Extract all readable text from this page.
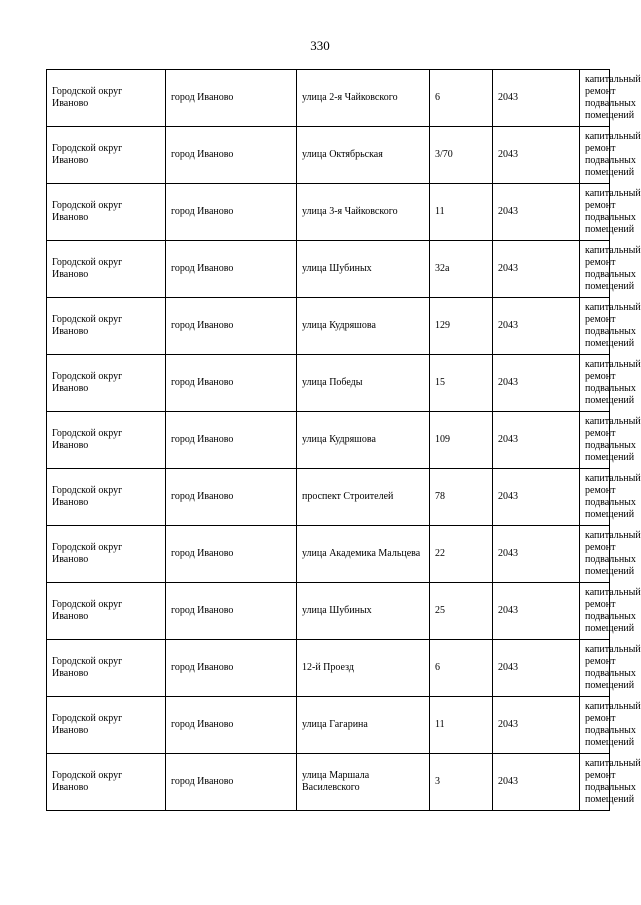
330
Городской округ Иваново	город Иваново	улица 2-я Чайковского	6	2043	капитальный ремонт подвальных помещений
Городской округ Иваново	город Иваново	улица Октябрьская	3/70	2043	капитальный ремонт подвальных помещений
Городской округ Иваново	город Иваново	улица 3-я Чайковского	11	2043	капитальный ремонт подвальных помещений
Городской округ Иваново	город Иваново	улица Шубиных	32а	2043	капитальный ремонт подвальных помещений
Городской округ Иваново	город Иваново	улица Кудряшова	129	2043	капитальный ремонт подвальных помещений
Городской округ Иваново	город Иваново	улица Победы	15	2043	капитальный ремонт подвальных помещений
Городской округ Иваново	город Иваново	улица Кудряшова	109	2043	капитальный ремонт подвальных помещений
Городской округ Иваново	город Иваново	проспект Строителей	78	2043	капитальный ремонт подвальных помещений
Городской округ Иваново	город Иваново	улица Академика Мальцева	22	2043	капитальный ремонт подвальных помещений
Городской округ Иваново	город Иваново	улица Шубиных	25	2043	капитальный ремонт подвальных помещений
Городской округ Иваново	город Иваново	12-й Проезд	6	2043	капитальный ремонт подвальных помещений
Городской округ Иваново	город Иваново	улица Гагарина	11	2043	капитальный ремонт подвальных помещений
Городской округ Иваново	город Иваново	улица Маршала Василевского	3	2043	капитальный ремонт подвальных помещений
